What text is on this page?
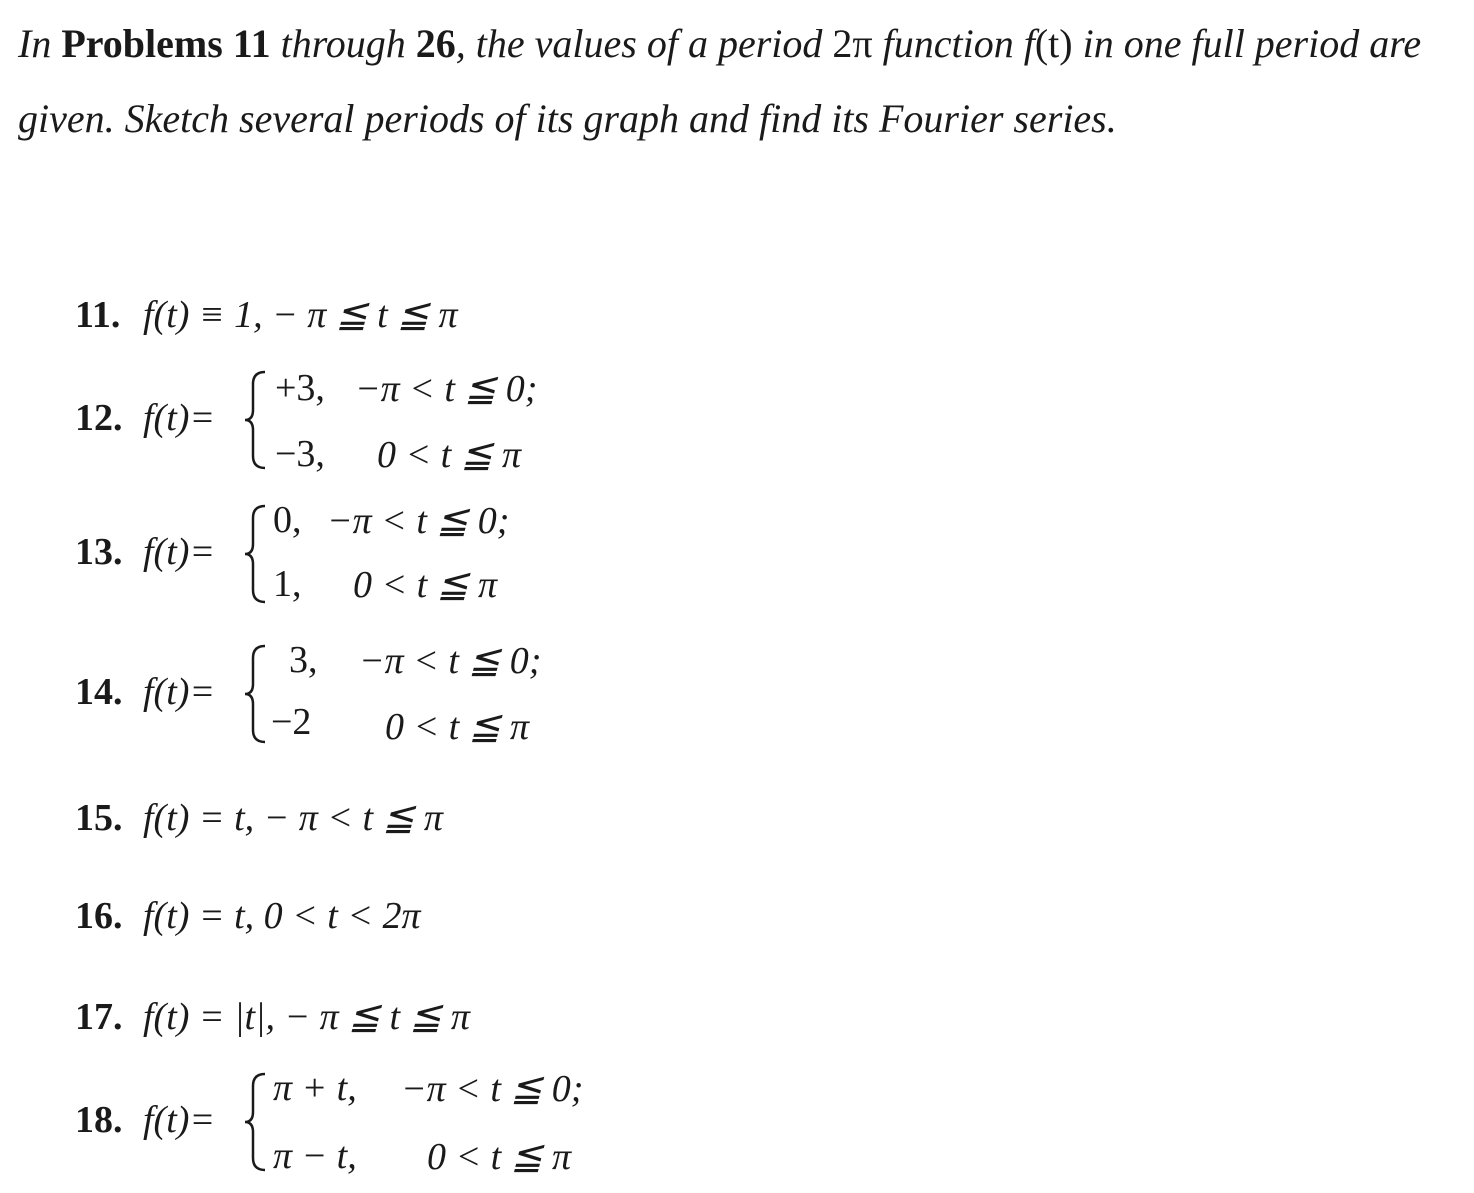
In Problems 11 through 26, the values of a period 2π function f(t) in one full period are given. Sketch several periods of its graph and find its Fourier series.

11. f(t) ≡ 1, − π ≦ t ≦ π
12. f(t)=
+3, −π < t ≦ 0;
−3, 0 < t ≦ π
13. f(t)=
0, −π < t ≦ 0;
1, 0 < t ≦ π
14. f(t)=
3, −π < t ≦ 0;
−2 0 < t ≦ π
15. f(t) = t, − π < t ≦ π
16. f(t) = t, 0 < t < 2π
17. f(t) = |t|, − π ≦ t ≦ π
18. f(t)=
π + t, −π < t ≦ 0;
π − t, 0 < t ≦ π
